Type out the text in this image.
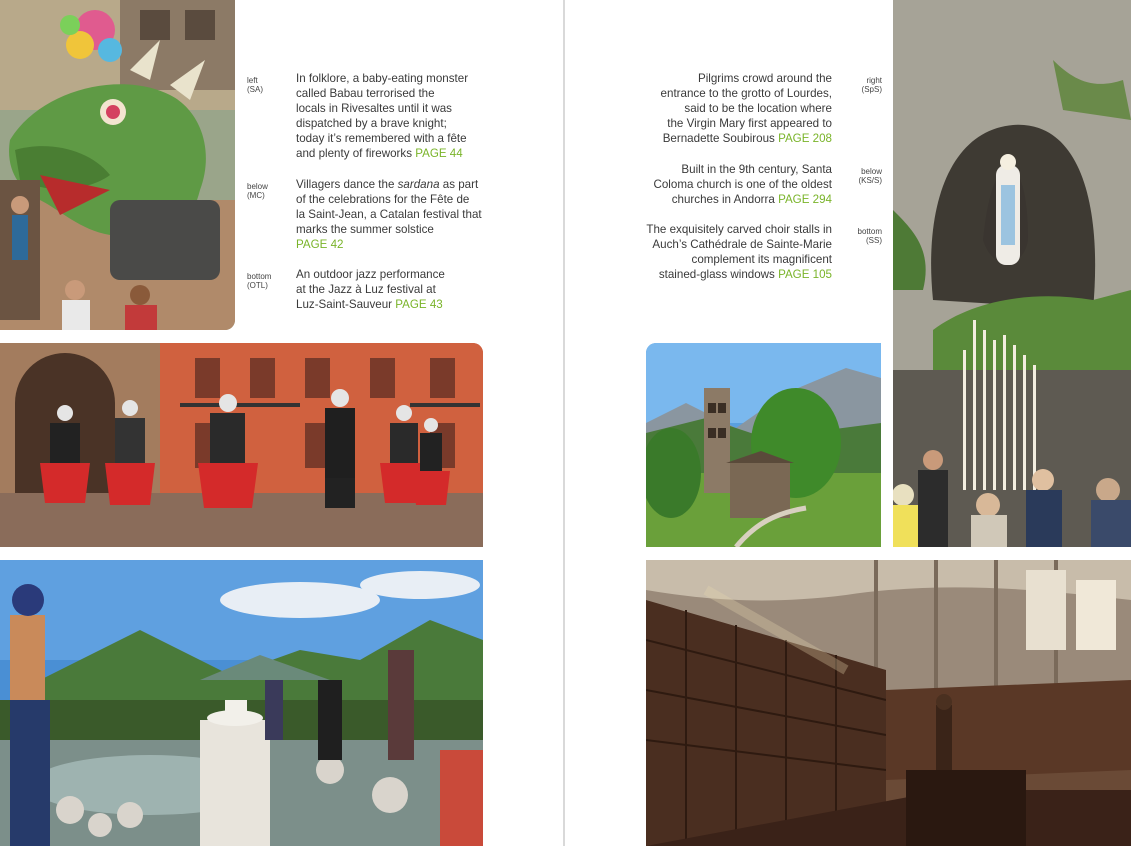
left
(SA)
In folklore, a baby-eating monster
called Babau terrorised the
locals in Rivesaltes until it was
dispatched by a brave knight;
today it’s remembered with a fête
and plenty of fireworks PAGE 44
below
(MC)
Villagers dance the sardana as part
of the celebrations for the Fête de
la Saint-Jean, a Catalan festival that
marks the summer solstice
PAGE 42
bottom
(OTL)
An outdoor jazz performance
at the Jazz à Luz festival at
Luz-Saint-Sauveur PAGE 43
Pilgrims crowd around the
entrance to the grotto of Lourdes,
said to be the location where
the Virgin Mary first appeared to
Bernadette Soubirous PAGE 208
right
(SpS)
Built in the 9th century, Santa
Coloma church is one of the oldest
churches in Andorra PAGE 294
below
(KS/S)
The exquisitely carved choir stalls in
Auch’s Cathédrale de Sainte-Marie
complement its magnificent
stained-glass windows PAGE 105
bottom
(SS)
